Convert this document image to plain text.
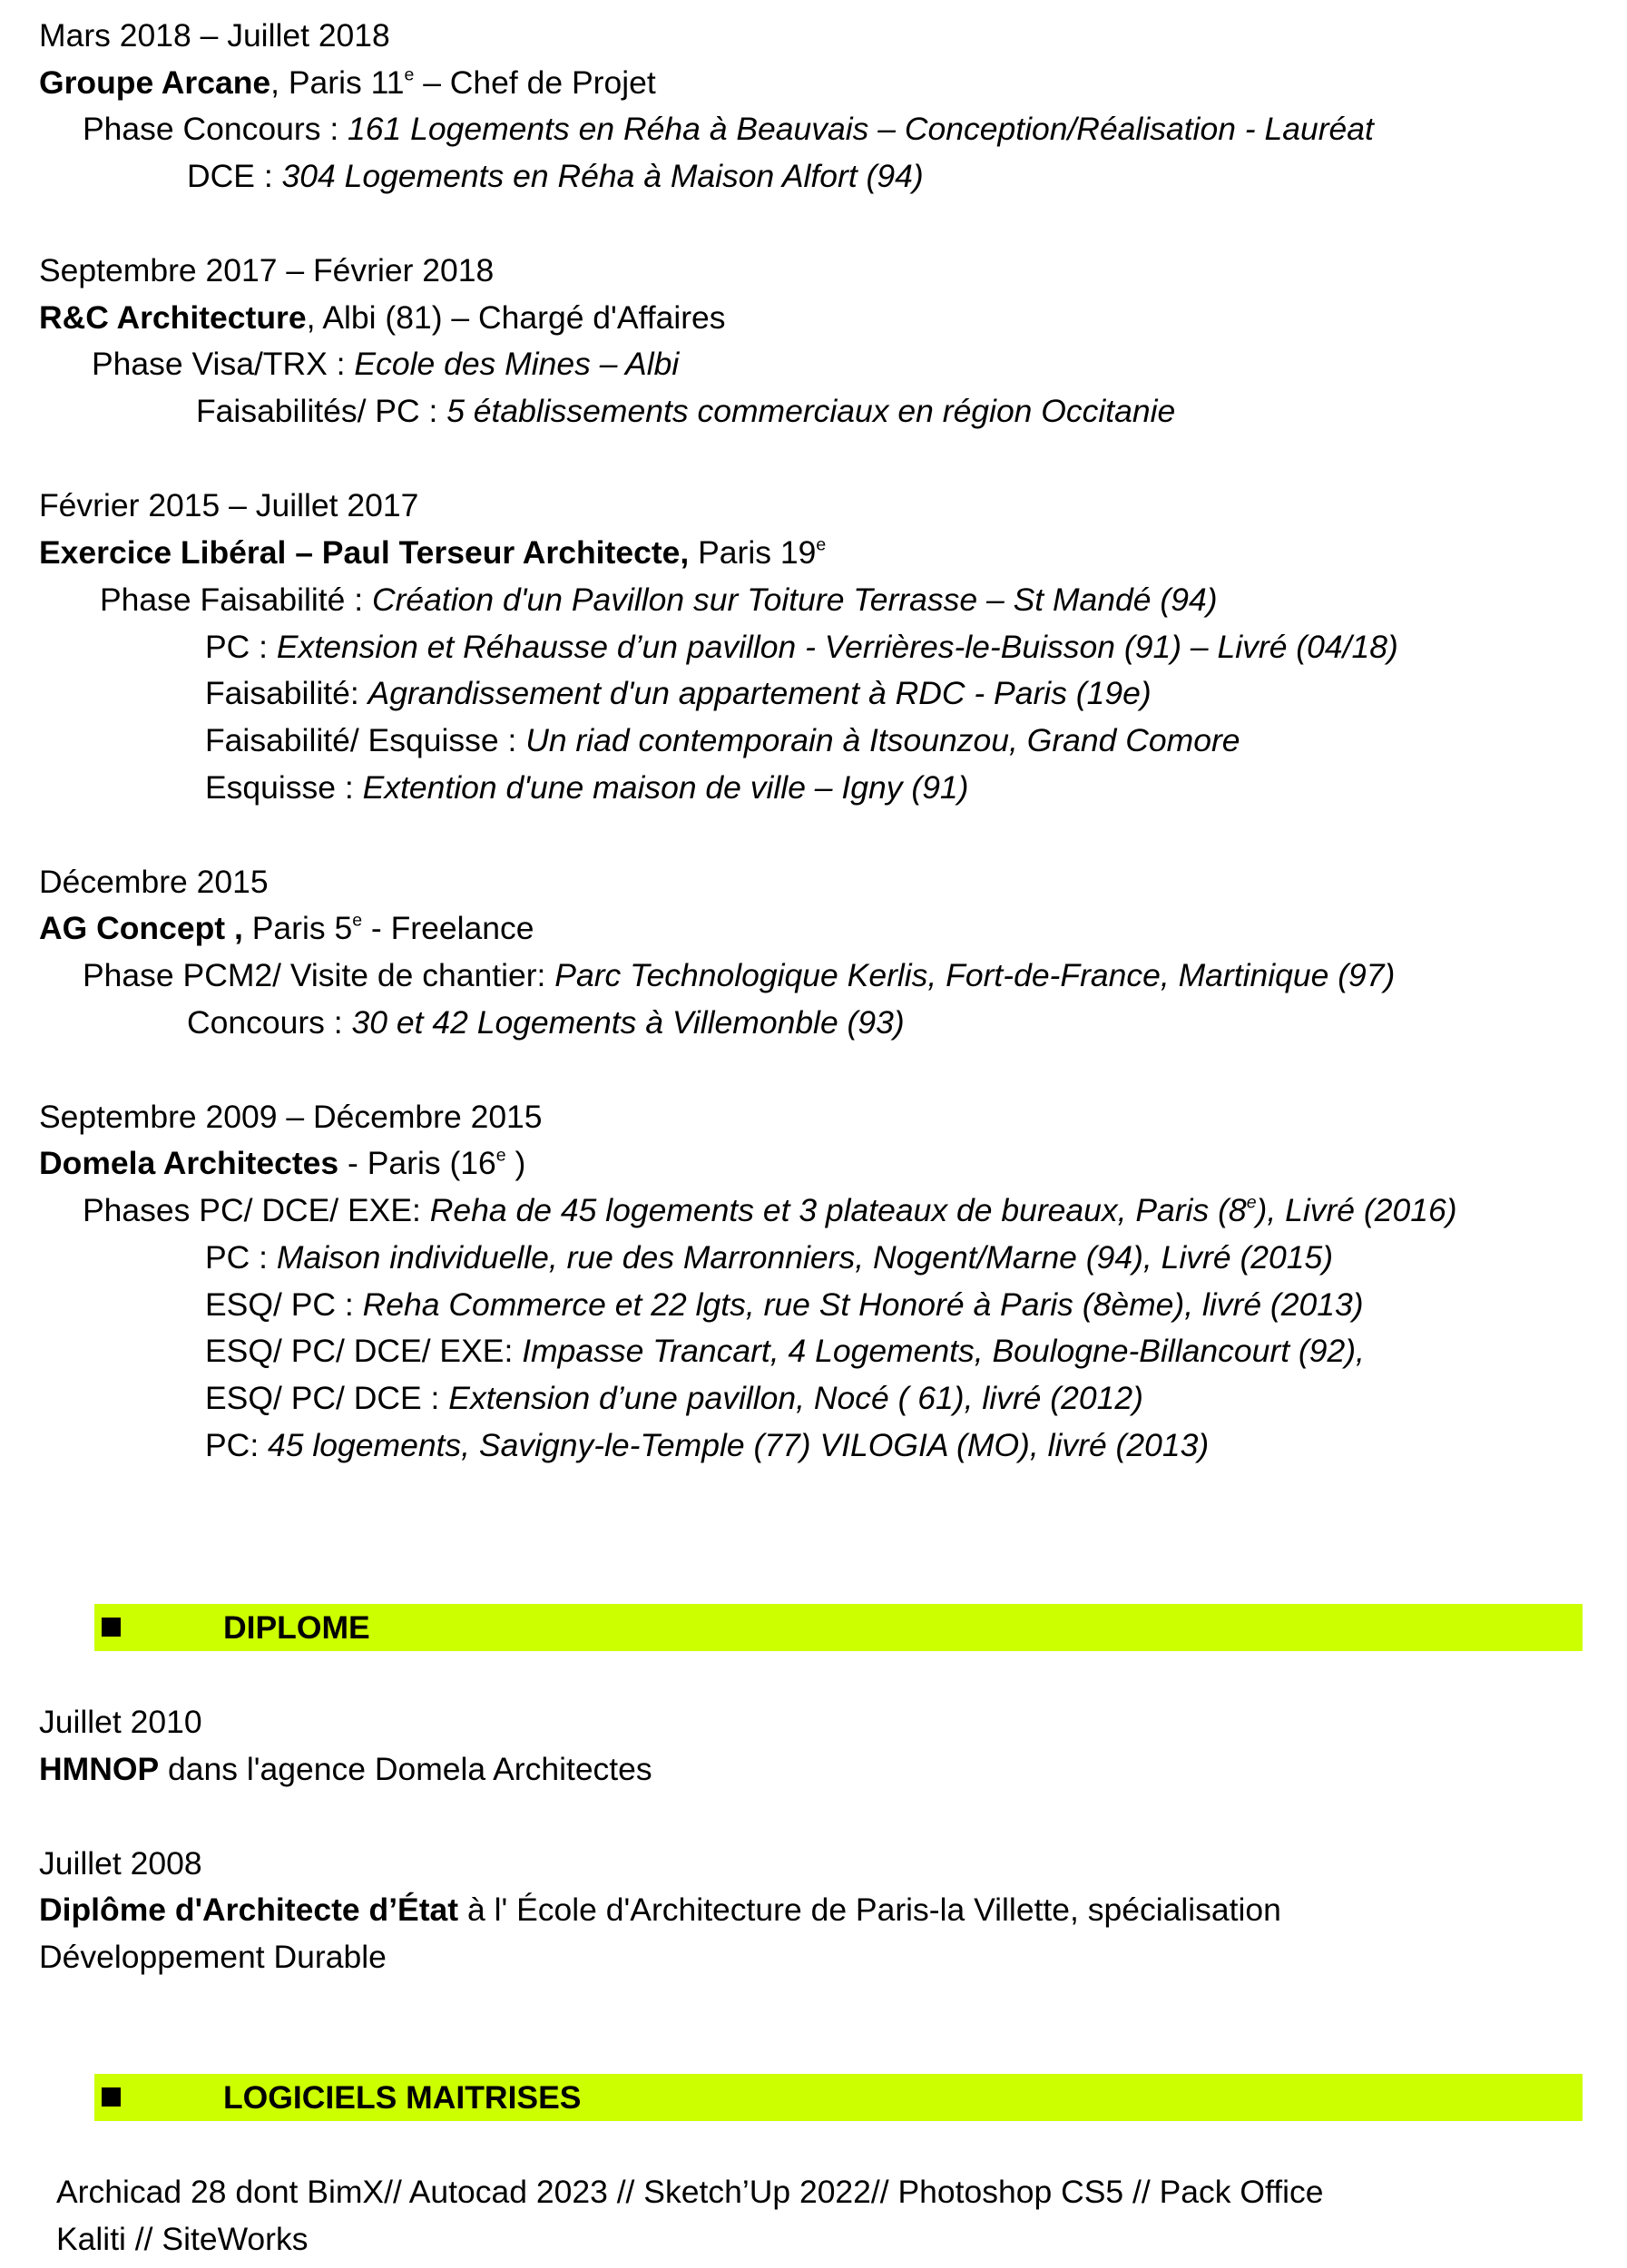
Mars 2018 – Juillet 2018
Groupe Arcane, Paris 11e – Chef de Projet
Phase Concours : 161 Logements en Réha à Beauvais – Conception/Réalisation - Lauréat
DCE : 304 Logements en Réha à Maison Alfort (94)
Septembre 2017 – Février 2018
R&C Architecture, Albi (81) – Chargé d'Affaires
Phase Visa/TRX : Ecole des Mines – Albi
Faisabilités/ PC : 5 établissements commerciaux en région Occitanie
Février 2015 – Juillet 2017
Exercice Libéral – Paul Terseur Architecte, Paris 19e
Phase Faisabilité : Création d'un Pavillon sur Toiture Terrasse – St Mandé (94)
PC : Extension et Réhausse d’un pavillon - Verrières-le-Buisson (91) – Livré (04/18)
Faisabilité: Agrandissement d'un appartement à RDC - Paris (19e)
Faisabilité/ Esquisse : Un riad contemporain à Itsounzou, Grand Comore
Esquisse : Extention d'une maison de ville – Igny (91)
Décembre 2015
AG Concept , Paris 5e - Freelance
Phase PCM2/ Visite de chantier: Parc Technologique Kerlis, Fort-de-France, Martinique (97)
Concours : 30 et 42 Logements à Villemonble (93)
Septembre 2009 – Décembre 2015
Domela Architectes - Paris (16e )
Phases PC/ DCE/ EXE: Reha de 45 logements et 3 plateaux de bureaux, Paris (8e), Livré (2016)
PC : Maison individuelle, rue des Marronniers, Nogent/Marne (94), Livré (2015)
ESQ/ PC : Reha Commerce et 22 lgts, rue St Honoré à Paris (8ème), livré (2013)
ESQ/ PC/ DCE/ EXE: Impasse Trancart, 4 Logements, Boulogne-Billancourt (92),
ESQ/ PC/ DCE : Extension d’une pavillon, Nocé ( 61), livré (2012)
PC: 45 logements, Savigny-le-Temple (77) VILOGIA (MO), livré (2013)
DIPLOME
Juillet 2010
HMNOP dans l'agence Domela Architectes
Juillet 2008
Diplôme d'Architecte d’État à l' École d'Architecture de Paris-la Villette, spécialisation
Développement Durable
LOGICIELS MAITRISES
Archicad 28 dont BimX// Autocad 2023 // Sketch’Up 2022// Photoshop CS5 // Pack Office
Kaliti // SiteWorks
